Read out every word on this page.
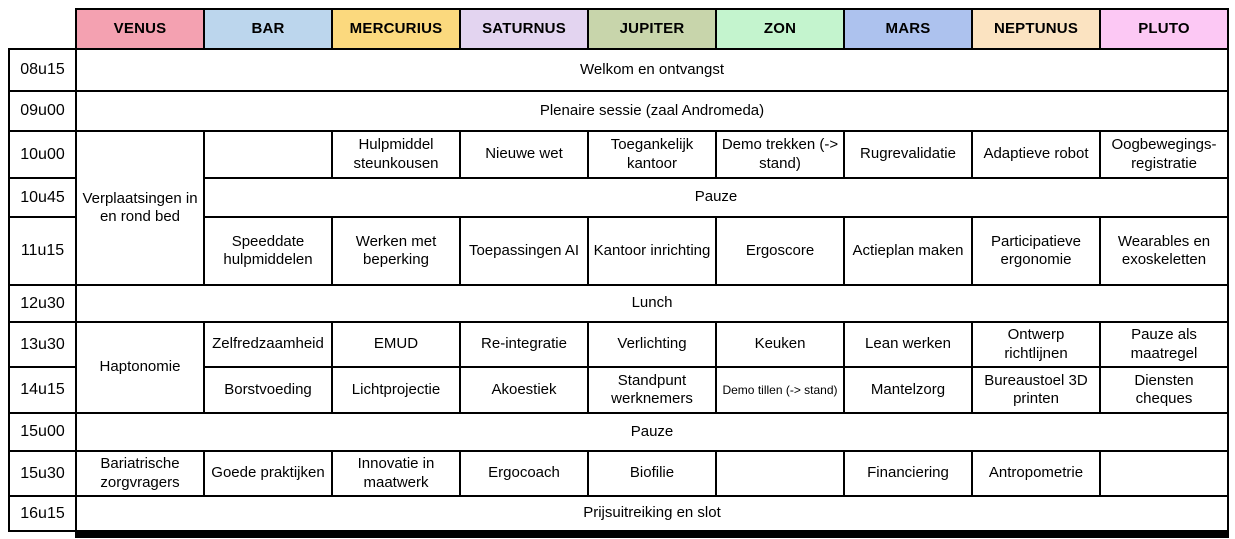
	VENUS	BAR	MERCURIUS	SATURNUS	JUPITER	ZON	MARS	NEPTUNUS	PLUTO
08u15	Welkom en ontvangst								
09u00	Plenaire sessie (zaal Andromeda)								
10u00	Verplaatsingen in en rond bed		Hulpmiddel steunkousen	Nieuwe wet	Toegankelijk kantoor	Demo trekken (-> stand)	Rugrevalidatie	Adaptieve robot	Oogbewegings-registratie
10u45		Pauze							
11u15		Speeddate hulpmiddelen	Werken met beperking	Toepassingen AI	Kantoor inrichting	Ergoscore	Actieplan maken	Participatieve ergonomie	Wearables en exoskeletten
12u30	Lunch								
13u30	Haptonomie	Zelfredzaamheid	EMUD	Re-integratie	Verlichting	Keuken	Lean werken	Ontwerp richtlijnen	Pauze als maatregel
14u15		Borstvoeding	Lichtprojectie	Akoestiek	Standpunt werknemers	Demo tillen (-> stand)	Mantelzorg	Bureaustoel 3D printen	Diensten cheques
15u00	Pauze								
15u30	Bariatrische zorgvragers	Goede praktijken	Innovatie in maatwerk	Ergocoach	Biofilie		Financiering	Antropometrie	
16u15	Prijsuitreiking en slot								
